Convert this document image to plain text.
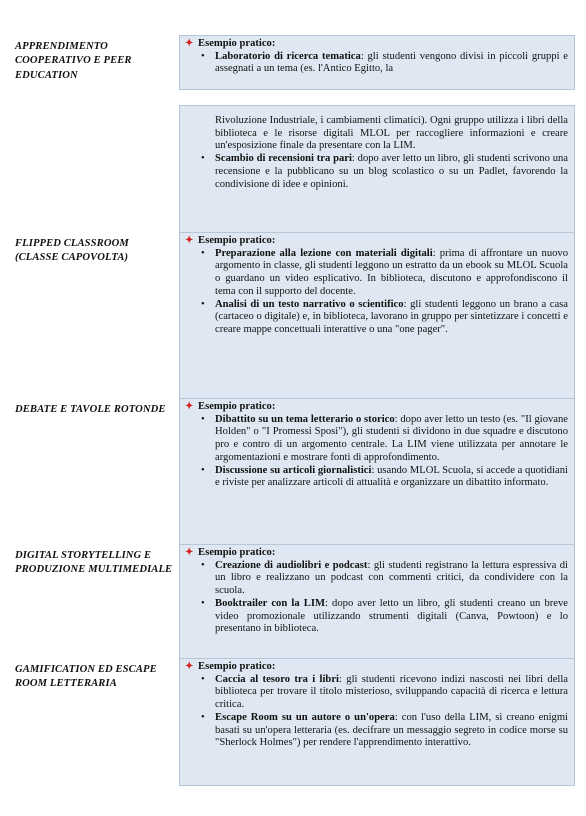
APPRENDIMENTO COOPERATIVO E PEER EDUCATION
✦ Esempio pratico:
• Laboratorio di ricerca tematica: gli studenti vengono divisi in piccoli gruppi e assegnati a un tema (es. l'Antico Egitto, la
Rivoluzione Industriale, i cambiamenti climatici). Ogni gruppo utilizza i libri della biblioteca e le risorse digitali MLOL per raccogliere informazioni e creare un'esposizione finale da presentare con la LIM.
• Scambio di recensioni tra pari: dopo aver letto un libro, gli studenti scrivono una recensione e la pubblicano su un blog scolastico o su un Padlet, favorendo la condivisione di idee e opinioni.
FLIPPED CLASSROOM (CLASSE CAPOVOLTA)
✦ Esempio pratico:
• Preparazione alla lezione con materiali digitali: prima di affrontare un nuovo argomento in classe, gli studenti leggono un estratto da un ebook su MLOL Scuola o guardano un video esplicativo. In biblioteca, discutono e approfondiscono il tema con il supporto del docente.
• Analisi di un testo narrativo o scientifico: gli studenti leggono un brano a casa (cartaceo o digitale) e, in biblioteca, lavorano in gruppo per sintetizzare i concetti e creare mappe concettuali interattive o una "one pager".
DEBATE E TAVOLE ROTONDE	✦ Esempio pratico:
• Dibattito su un tema letterario o storico: dopo aver letto un testo (es. "Il giovane Holden" o "I Promessi Sposi"), gli studenti si dividono in due squadre e discutono pro e contro di un argomento centrale. La LIM viene utilizzata per annotare le argomentazioni e mostrare fonti di approfondimento.
• Discussione su articoli giornalistici: usando MLOL Scuola, si accede a quotidiani e riviste per analizzare articoli di attualità e organizzare un dibattito informato.
DIGITAL STORYTELLING E PRODUZIONE MULTIMEDIALE
✦ Esempio pratico:
• Creazione di audiolibri e podcast: gli studenti registrano la lettura espressiva di un libro e realizzano un podcast con commenti critici, da condividere con la scuola.
• Booktrailer con la LIM: dopo aver letto un libro, gli studenti creano un breve video promozionale utilizzando strumenti digitali (Canva, Powtoon) e lo presentano in biblioteca.
GAMIFICATION ED ESCAPE ROOM LETTERARIA
✦ Esempio pratico:
• Caccia al tesoro tra i libri: gli studenti ricevono indizi nascosti nei libri della biblioteca per trovare il titolo misterioso, sviluppando capacità di ricerca e lettura critica.
• Escape Room su un autore o un'opera: con l'uso della LIM, si creano enigmi basati su un'opera letteraria (es. decifrare un messaggio segreto in codice morse su "Sherlock Holmes") per rendere l'apprendimento interattivo.
